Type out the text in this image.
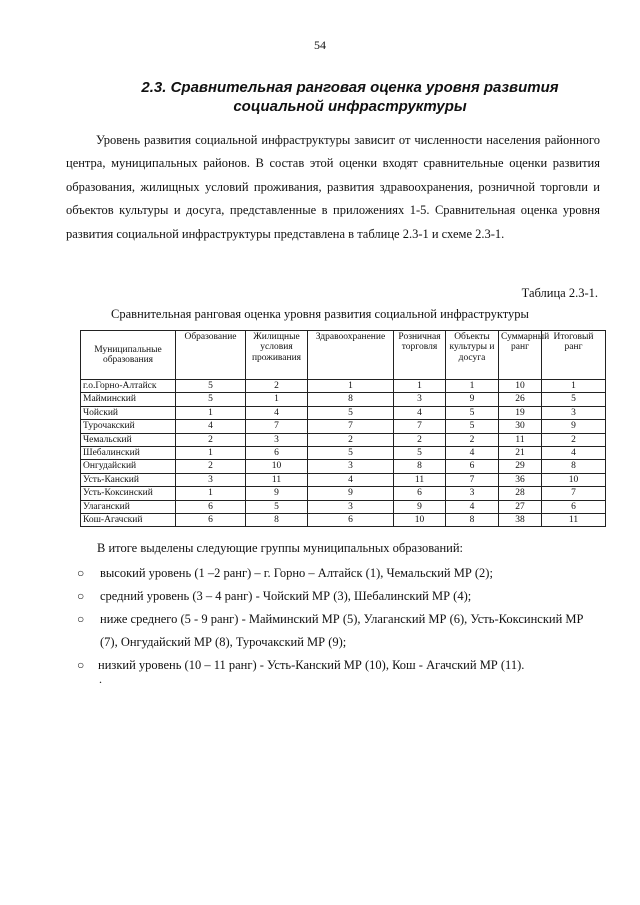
54
2.3. Сравнительная ранговая оценка уровня развития
социальной инфраструктуры

Уровень развития социальной инфраструктуры зависит от численности населения районного центра, муниципальных районов. В состав этой оценки входят сравнительные оценки развития образования, жилищных условий проживания, развития здравоохранения, розничной торговли и объектов культуры и досуга, представленные в приложениях 1-5. Сравнительная оценка уровня развития социальной инфраструктуры представлена в таблице 2.3-1 и схеме 2.3-1.

Таблица 2.3-1.
Сравнительная ранговая оценка уровня развития социальной инфраструктуры
Муниципальные образования	Образование	Жилищные условия проживания	Здравоохранение	Розничная торговля	Объекты культуры и досуга	Суммарный ранг	Итоговый ранг
г.о.Горно-Алтайск	5	2	1	1	1	10	1
Майминский	5	1	8	3	9	26	5
Чойский	1	4	5	4	5	19	3
Турочакский	4	7	7	7	5	30	9
Чемальский	2	3	2	2	2	11	2
Шебалинский	1	6	5	5	4	21	4
Онгудайский	2	10	3	8	6	29	8
Усть-Канский	3	11	4	11	7	36	10
Усть-Коксинский	1	9	9	6	3	28	7
Улаганский	6	5	3	9	4	27	6
Кош-Агачский	6	8	6	10	8	38	11
В итоге выделены следующие группы муниципальных образований:
○ высокий уровень (1 –2 ранг) – г. Горно – Алтайск (1), Чемальский МР (2);
○ средний уровень (3 – 4 ранг) - Чойский МР (3), Шебалинский МР (4);
○ ниже среднего (5 - 9 ранг) - Майминский МР (5), Улаганский МР (6), Усть-Коксинский МР (7), Онгудайский МР (8), Турочакский МР (9);
○ низкий уровень (10 – 11 ранг) - Усть-Канский МР (10), Кош - Агачский МР (11).
.
